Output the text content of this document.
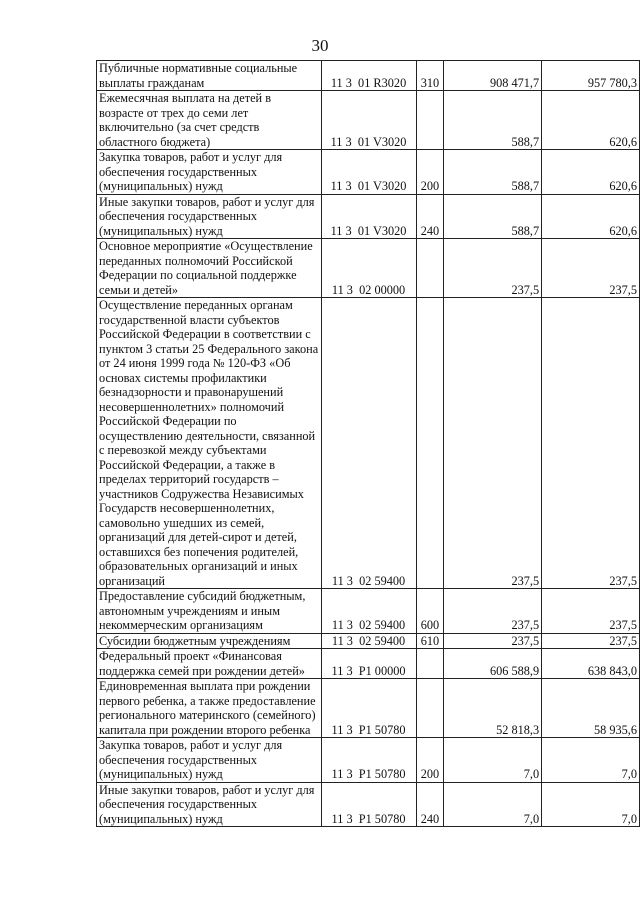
30
Публичные нормативные социальные выплаты гражданам	11 3  01 R3020	310	908 471,7	957 780,3
Ежемесячная выплата на детей в возрасте от трех до семи лет включительно (за счет средств областного бюджета)	11 3  01 V3020		588,7	620,6
Закупка товаров, работ и услуг для обеспечения государственных (муниципальных) нужд	11 3  01 V3020	200	588,7	620,6
Иные закупки товаров, работ и услуг для обеспечения государственных (муниципальных) нужд	11 3  01 V3020	240	588,7	620,6
Основное мероприятие «Осуществление переданных полномочий Российской Федерации по социальной поддержке семьи и детей»	11 3  02 00000		237,5	237,5
Осуществление переданных органам государственной власти субъектов Российской Федерации в соответствии с пунктом 3 статьи 25 Федерального закона от 24 июня 1999 года № 120-ФЗ «Об основах системы профилактики безнадзорности и правонарушений несовершеннолетних» полномочий Российской Федерации по осуществлению деятельности, связанной с перевозкой между субъектами Российской Федерации, а также в пределах территорий государств – участников Содружества Независимых Государств несовершеннолетних, самовольно ушедших из семей, организаций для детей-сирот и детей, оставшихся без попечения родителей, образовательных организаций и иных организаций	11 3  02 59400		237,5	237,5
Предоставление субсидий бюджетным, автономным учреждениям и иным некоммерческим организациям	11 3  02 59400	600	237,5	237,5
Субсидии бюджетным учреждениям	11 3  02 59400	610	237,5	237,5
Федеральный проект «Финансовая поддержка семей при рождении детей»	11 3  P1 00000		606 588,9	638 843,0
Единовременная выплата при рождении первого ребенка, а также предоставление регионального материнского (семейного) капитала при рождении второго ребенка	11 3  P1 50780		52 818,3	58 935,6
Закупка товаров, работ и услуг для обеспечения государственных (муниципальных) нужд	11 3  P1 50780	200	7,0	7,0
Иные закупки товаров, работ и услуг для обеспечения государственных (муниципальных) нужд	11 3  P1 50780	240	7,0	7,0
